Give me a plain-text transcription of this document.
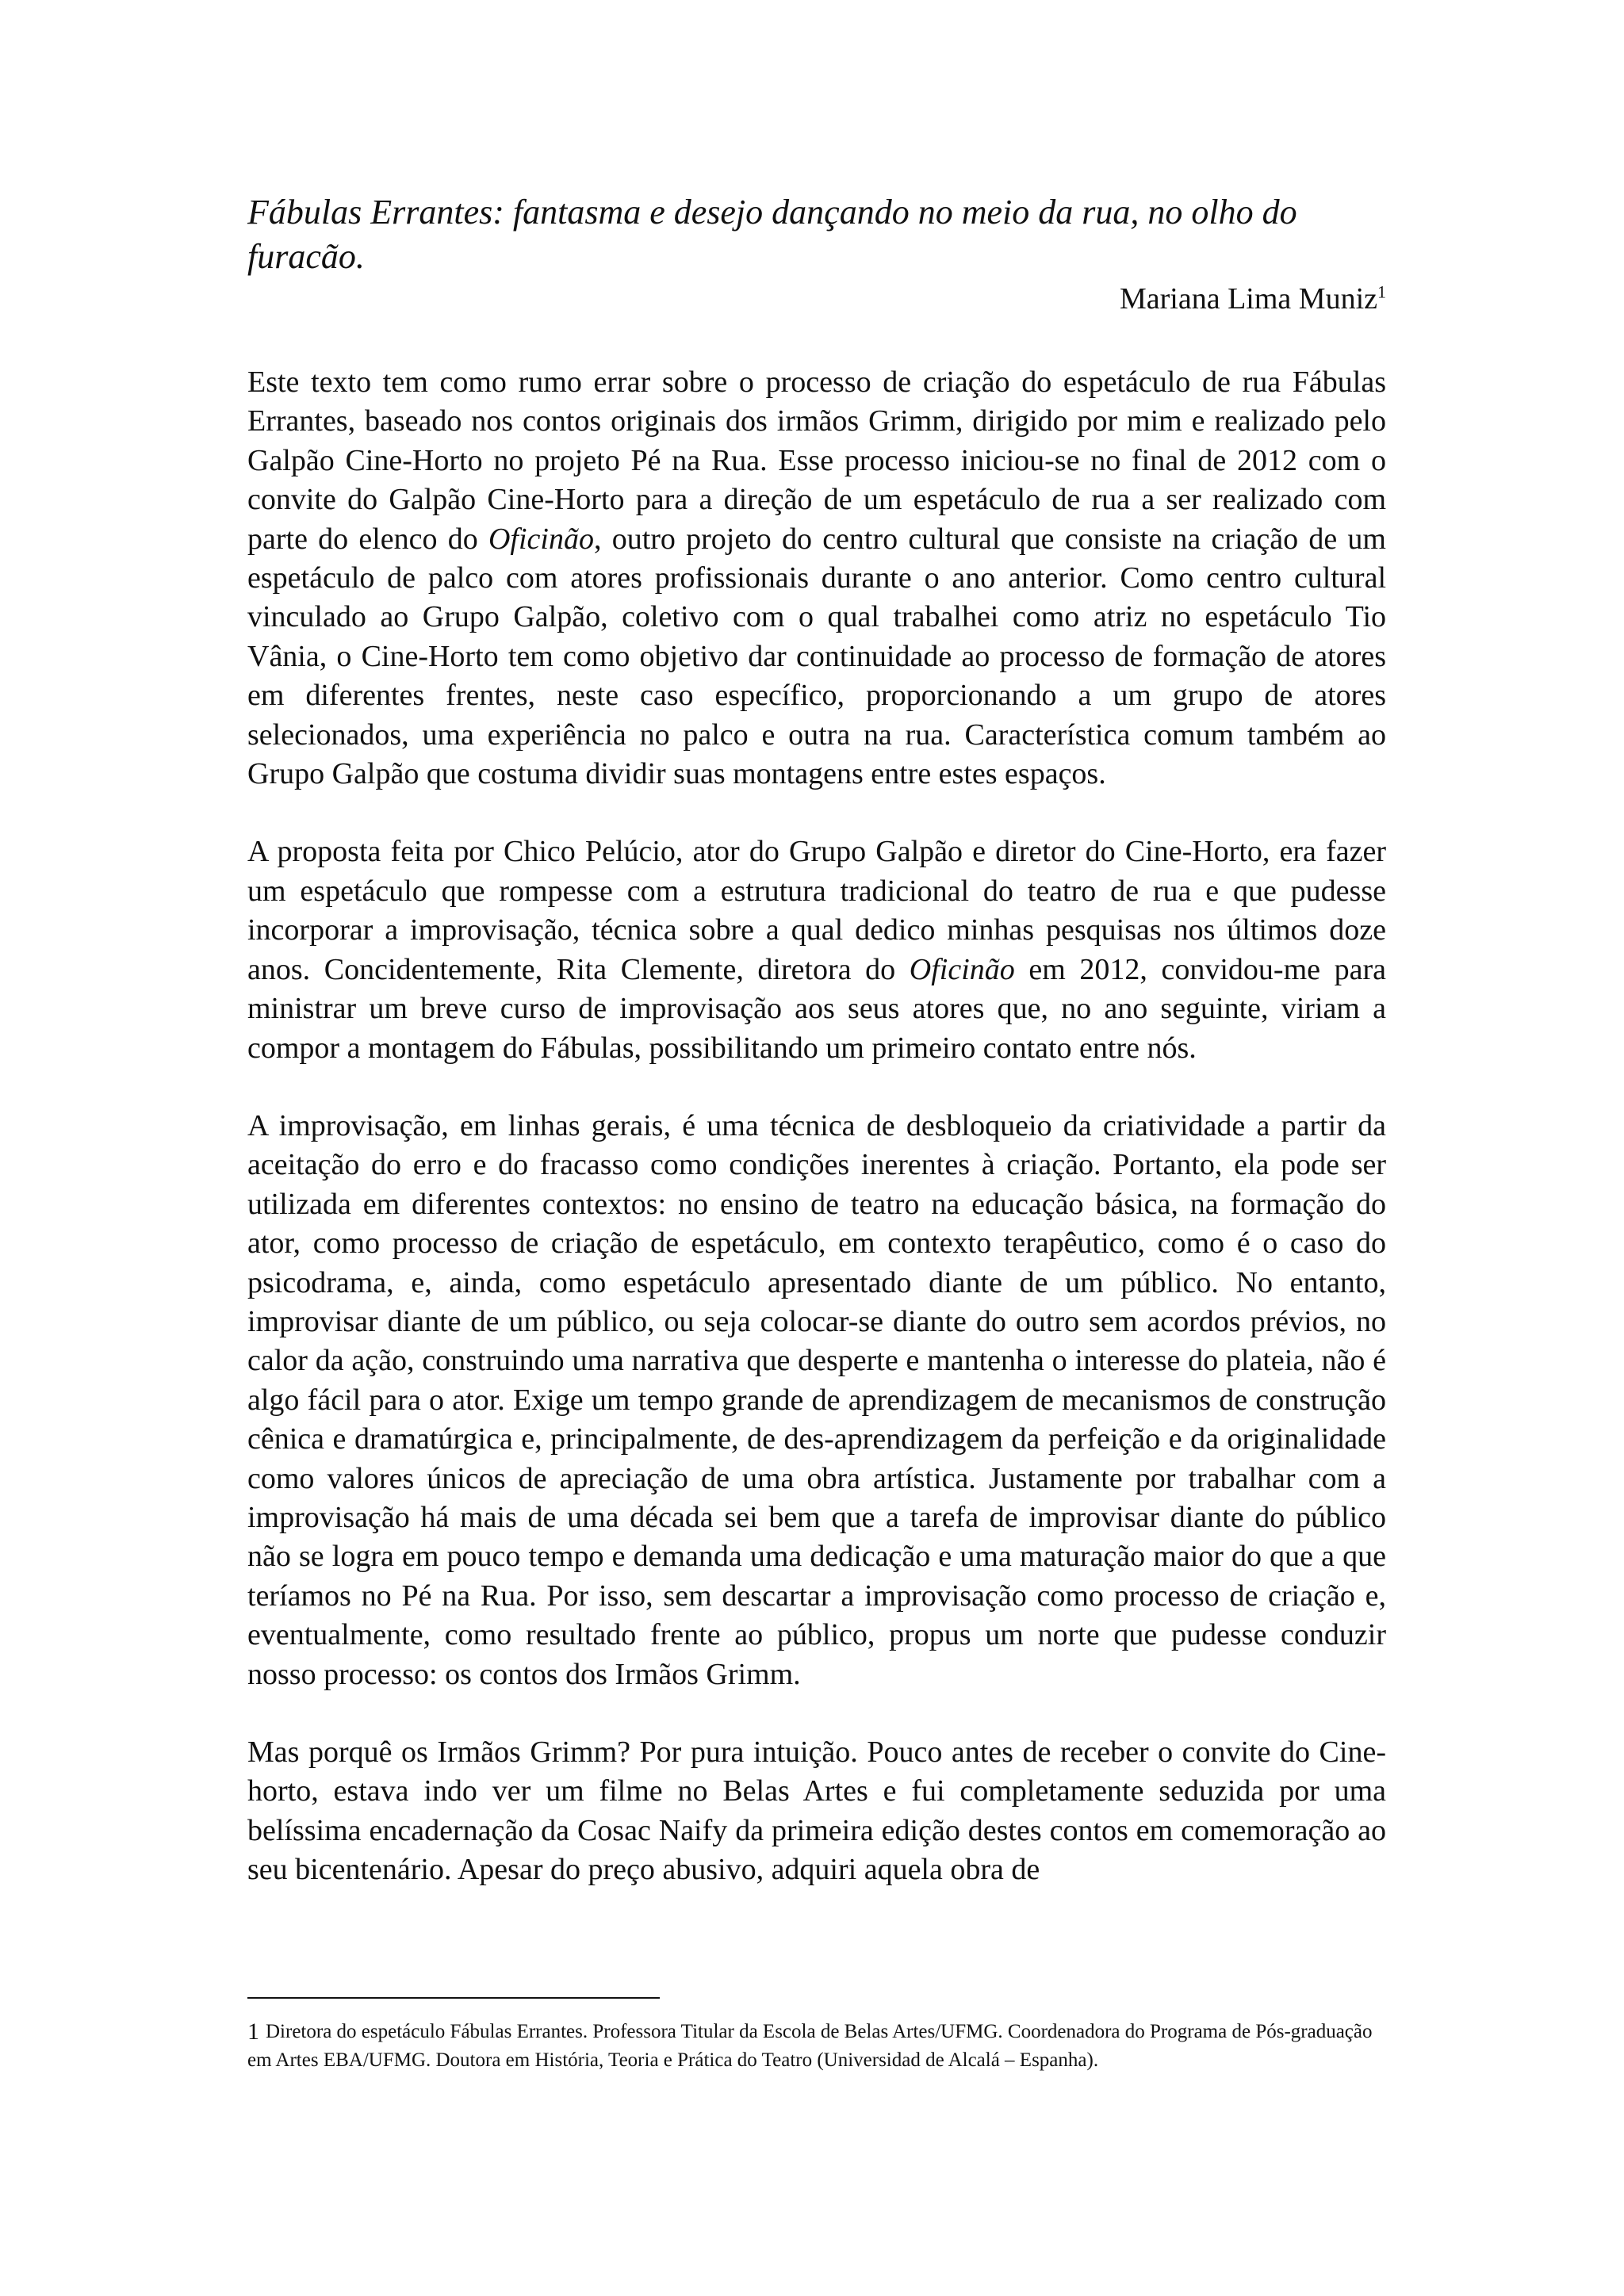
Fábulas Errantes: fantasma e desejo dançando no meio da rua, no olho do furacão.

Mariana Lima Muniz$^1$

Este texto tem como rumo errar sobre o processo de criação do espetáculo de rua Fábulas Errantes, baseado nos contos originais dos irmãos Grimm, dirigido por mim e realizado pelo Galpão Cine-Horto no projeto Pé na Rua. Esse processo iniciou-se no final de 2012 com o convite do Galpão Cine-Horto para a direção de um espetáculo de rua a ser realizado com parte do elenco do Oficinão, outro projeto do centro cultural que consiste na criação de um espetáculo de palco com atores profissionais durante o ano anterior. Como centro cultural vinculado ao Grupo Galpão, coletivo com o qual trabalhei como atriz no espetáculo Tio Vânia, o Cine-Horto tem como objetivo dar continuidade ao processo de formação de atores em diferentes frentes, neste caso específico, proporcionando a um grupo de atores selecionados, uma experiência no palco e outra na rua. Característica comum também ao Grupo Galpão que costuma dividir suas montagens entre estes espaços.

A proposta feita por Chico Pelúcio, ator do Grupo Galpão e diretor do Cine-Horto, era fazer um espetáculo que rompesse com a estrutura tradicional do teatro de rua e que pudesse incorporar a improvisação, técnica sobre a qual dedico minhas pesquisas nos últimos doze anos. Concidentemente, Rita Clemente, diretora do Oficinão em 2012, convidou-me para ministrar um breve curso de improvisação aos seus atores que, no ano seguinte, viriam a compor a montagem do Fábulas, possibilitando um primeiro contato entre nós.

A improvisação, em linhas gerais, é uma técnica de desbloqueio da criatividade a partir da aceitação do erro e do fracasso como condições inerentes à criação. Portanto, ela pode ser utilizada em diferentes contextos: no ensino de teatro na educação básica, na formação do ator, como processo de criação de espetáculo, em contexto terapêutico, como é o caso do psicodrama, e, ainda, como espetáculo apresentado diante de um público. No entanto, improvisar diante de um público, ou seja colocar-se diante do outro sem acordos prévios, no calor da ação, construindo uma narrativa que desperte e mantenha o interesse do plateia, não é algo fácil para o ator. Exige um tempo grande de aprendizagem de mecanismos de construção cênica e dramatúrgica e, principalmente, de des-aprendizagem da perfeição e da originalidade como valores únicos de apreciação de uma obra artística. Justamente por trabalhar com a improvisação há mais de uma década sei bem que a tarefa de improvisar diante do público não se logra em pouco tempo e demanda uma dedicação e uma maturação maior do que a que teríamos no Pé na Rua. Por isso, sem descartar a improvisação como processo de criação e, eventualmente, como resultado frente ao público, propus um norte que pudesse conduzir nosso processo: os contos dos Irmãos Grimm.

Mas porquê os Irmãos Grimm? Por pura intuição. Pouco antes de receber o convite do Cine-horto, estava indo ver um filme no Belas Artes e fui completamente seduzida por uma belíssima encadernação da Cosac Naify da primeira edição destes contos em comemoração ao seu bicentenário. Apesar do preço abusivo, adquiri aquela obra de

1 Diretora do espetáculo Fábulas Errantes. Professora Titular da Escola de Belas Artes/UFMG. Coordenadora do Programa de Pós-graduação em Artes EBA/UFMG. Doutora em História, Teoria e Prática do Teatro (Universidad de Alcalá – Espanha).
